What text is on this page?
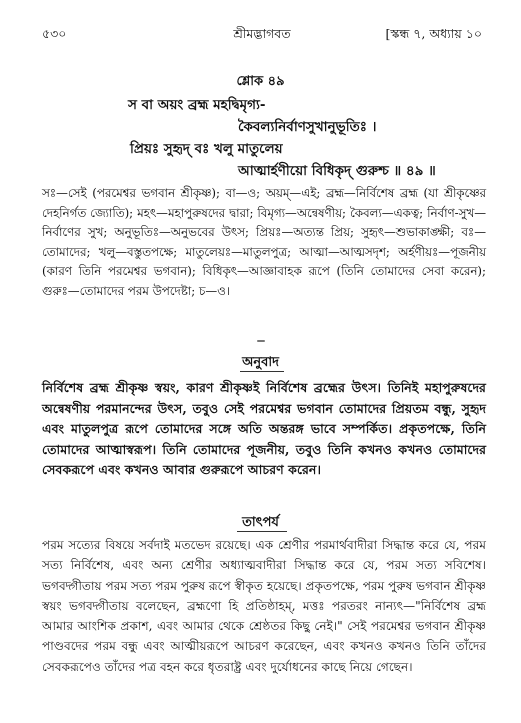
৫৩০	শ্রীমদ্ভাগবত	[স্কন্ধ ৭, অধ্যায় ১০
শ্লোক ৪৯
স বা অয়ং ব্রহ্ম মহদ্বিমৃগ্য-
কৈবল্যনির্বাণসুখানুভূতিঃ ।
প্রিয়ঃ সুহৃদ্ বঃ খলু মাতুলেয়
আত্মার্হণীয়ো বিধিকৃদ্ গুরুশ্চ ॥ ৪৯ ॥
সঃ—সেই (পরমেশ্বর ভগবান শ্রীকৃষ্ণ); বা—ও; অয়ম্—এই; ব্রহ্ম—নির্বিশেষ ব্রহ্ম (যা শ্রীকৃষ্ণের দেহনির্গত জ্যোতি); মহৎ—মহাপুরুষদের দ্বারা; বিমৃগ্য—অন্বেষণীয়; কৈবল্য—একত্ব; নির্বাণ-সুখ—নির্বাণের সুখ; অনুভূতিঃ—অনুভবের উৎস; প্রিয়ঃ—অত্যন্ত প্রিয়; সুহৃৎ—শুভাকাঙ্ক্ষী; বঃ—তোমাদের; খলু—বস্তুতপক্ষে; মাতুলেয়ঃ—মাতুলপুত্র; আত্মা—আত্মসদৃশ; অর্হণীয়ঃ—পূজনীয় (কারণ তিনি পরমেশ্বর ভগবান); বিধিকৃৎ—আজ্ঞাবাহক রূপে (তিনি তোমাদের সেবা করেন); গুরুঃ—তোমাদের পরম উপদেষ্টা; চ—ও।
অনুবাদ
নির্বিশেষ ব্রহ্ম শ্রীকৃষ্ণ স্বয়ং, কারণ শ্রীকৃষ্ণই নির্বিশেষ ব্রহ্মের উৎস। তিনিই মহাপুরুষদের অন্বেষণীয় পরমানন্দের উৎস, তবুও সেই পরমেশ্বর ভগবান তোমাদের প্রিয়তম বন্ধু, সুহৃদ এবং মাতুলপুত্র রূপে তোমাদের সঙ্গে অতি অন্তরঙ্গ ভাবে সম্পর্কিত। প্রকৃতপক্ষে, তিনি তোমাদের আত্মাস্বরূপ। তিনি তোমাদের পূজনীয়, তবুও তিনি কখনও কখনও তোমাদের সেবকরূপে এবং কখনও আবার গুরুরূপে আচরণ করেন।
তাৎপর্য
পরম সত্যের বিষয়ে সর্বদাই মতভেদ রয়েছে। এক শ্রেণীর পরমার্থবাদীরা সিদ্ধান্ত করে যে, পরম সত্য নির্বিশেষ, এবং অন্য শ্রেণীর অধ্যাত্মবাদীরা সিদ্ধান্ত করে যে, পরম সত্য সবিশেষ। ভগবদ্গীতায় পরম সত্য পরম পুরুষ রূপে স্বীকৃত হয়েছে। প্রকৃতপক্ষে, পরম পুরুষ ভগবান শ্রীকৃষ্ণ স্বয়ং ভগবদ্গীতায় বলেছেন, ব্রহ্মণো হি প্রতিষ্ঠাহম্, মত্তঃ পরতরং নান্যৎ—"নির্বিশেষ ব্রহ্ম আমার আংশিক প্রকাশ, এবং আমার থেকে শ্রেষ্ঠতর কিছু নেই।" সেই পরমেশ্বর ভগবান শ্রীকৃষ্ণ পাণ্ডবদের পরম বন্ধু এবং আত্মীয়রূপে আচরণ করেছেন, এবং কখনও কখনও তিনি তাঁদের সেবকরূপেও তাঁদের পত্র বহন করে ধৃতরাষ্ট্র এবং দুর্যোধনের কাছে নিয়ে গেছেন।
